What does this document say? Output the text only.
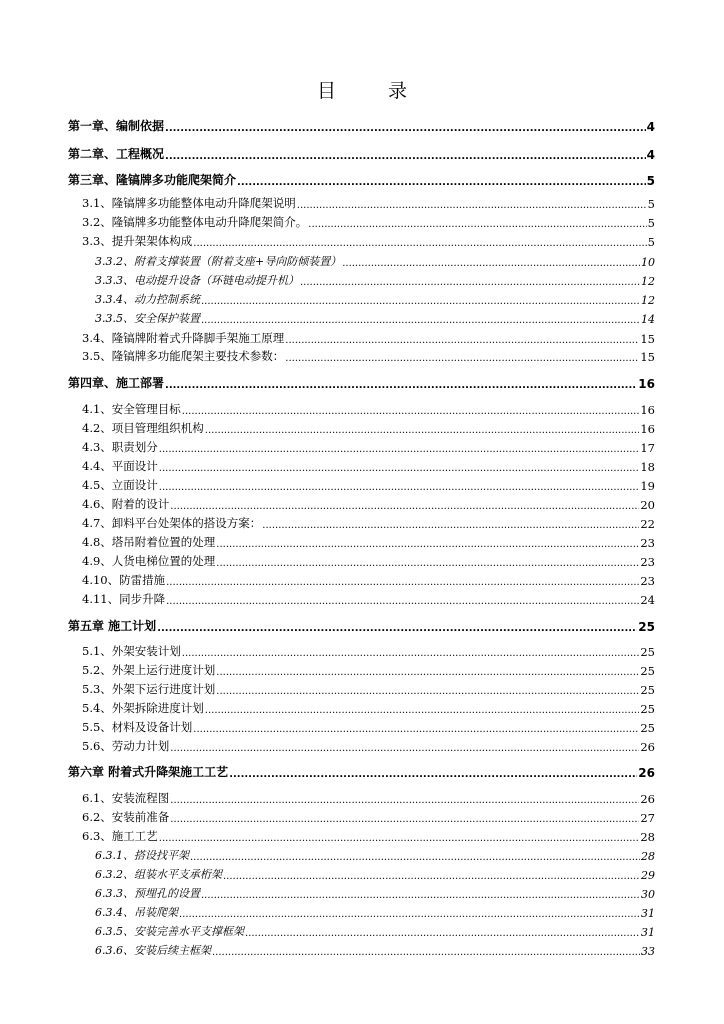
目	录
第一章、编制依据 .....	4
第二章、工程概况 .....	4
第三章、隆镐牌多功能爬架简介 .....	5
3.1、隆镐牌多功能整体电动升降爬架说明 .....	5
3.2、隆镐牌多功能整体电动升降爬架简介。 .....	5
3.3、提升架架体构成 .....	5
3.3.2、附着支撑装置（附着支座+导向防倾装置） .....	10
3.3.3、电动提升设备（环链电动提升机） .....	12
3.3.4、动力控制系统 .....	12
3.3.5、安全保护装置 .....	14
3.4、隆镐牌附着式升降脚手架施工原理 .....	15
3.5、隆镐牌多功能爬架主要技术参数： .....	15
第四章、施工部署 .....	16
4.1、安全管理目标 .....	16
4.2、项目管理组织机构 .....	16
4.3、职责划分 .....	17
4.4、平面设计 .....	18
4.5、立面设计 .....	19
4.6、附着的设计 .....	20
4.7、卸料平台处架体的搭设方案： .....	22
4.8、塔吊附着位置的处理 .....	23
4.9、人货电梯位置的处理 .....	23
4.10、防雷措施 .....	23
4.11、同步升降 .....	24
第五章 施工计划 .....	25
5.1、外架安装计划 .....	25
5.2、外架上运行进度计划 .....	25
5.3、外架下运行进度计划 .....	25
5.4、外架拆除进度计划 .....	25
5.5、材料及设备计划 .....	25
5.6、劳动力计划 .....	26
第六章 附着式升降架施工工艺 .....	26
6.1、安装流程图 .....	26
6.2、安装前准备 .....	27
6.3、施工工艺 .....	28
6.3.1、搭设找平架 .....	28
6.3.2、组装水平支承桁架 .....	29
6.3.3、预埋孔的设置 .....	30
6.3.4、吊装爬架 .....	31
6.3.5、安装完善水平支撑框架 .....	31
6.3.6、安装后续主框架 .....	33
